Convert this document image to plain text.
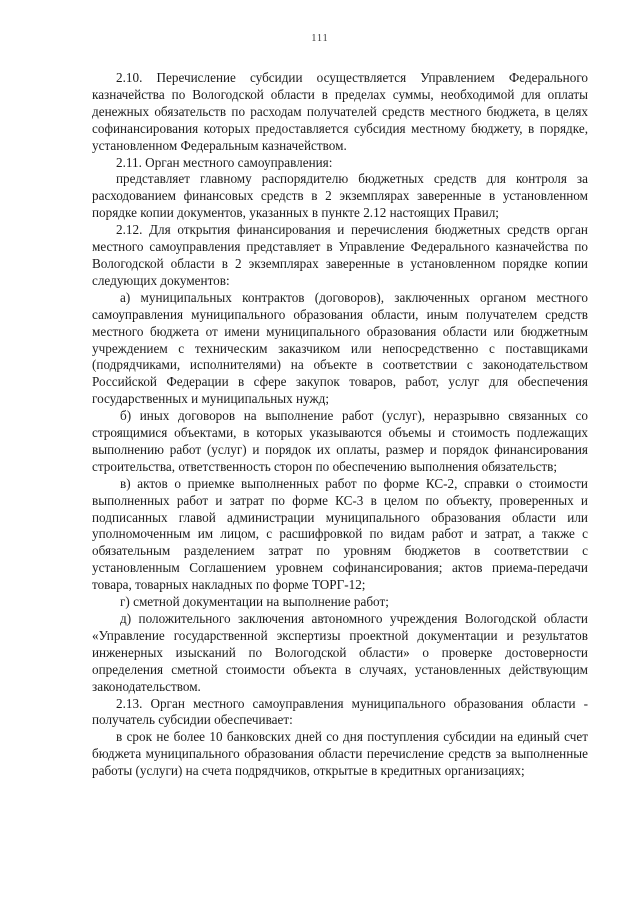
111

2.10. Перечисление субсидии осуществляется Управлением Федерального казначейства по Вологодской области в пределах суммы, необходимой для оплаты денежных обязательств по расходам получателей средств местного бюджета, в целях софинансирования которых предоставляется субсидия местному бюджету, в порядке, установленном Федеральным казначейством.

2.11. Орган местного самоуправления:

представляет главному распорядителю бюджетных средств для контроля за расходованием финансовых средств в 2 экземплярах заверенные в установленном порядке копии документов, указанных в пункте 2.12 настоящих Правил;

2.12. Для открытия финансирования и перечисления бюджетных средств орган местного самоуправления представляет в Управление Федерального казначейства по Вологодской области в 2 экземплярах заверенные в установленном порядке копии следующих документов:

а) муниципальных контрактов (договоров), заключенных органом местного самоуправления муниципального образования области, иным получателем средств местного бюджета от имени муниципального образования области или бюджетным учреждением с техническим заказчиком или непосредственно с поставщиками (подрядчиками, исполнителями) на объекте в соответствии с законодательством Российской Федерации в сфере закупок товаров, работ, услуг для обеспечения государственных и муниципальных нужд;

б) иных договоров на выполнение работ (услуг), неразрывно связанных со строящимися объектами, в которых указываются объемы и стоимость подлежащих выполнению работ (услуг) и порядок их оплаты, размер и порядок финансирования строительства, ответственность сторон по обеспечению выполнения обязательств;

в) актов о приемке выполненных работ по форме КС-2, справки о стоимости выполненных работ и затрат по форме КС-3 в целом по объекту, проверенных и подписанных главой администрации муниципального образования области или уполномоченным им лицом, с расшифровкой по видам работ и затрат, а также с обязательным разделением затрат по уровням бюджетов в соответствии с установленным Соглашением уровнем софинансирования; актов приема-передачи товара, товарных накладных по форме ТОРГ-12;

г) сметной документации на выполнение работ;

д) положительного заключения автономного учреждения Вологодской области «Управление государственной экспертизы проектной документации и результатов инженерных изысканий по Вологодской области» о проверке достоверности определения сметной стоимости объекта в случаях, установленных действующим законодательством.

2.13. Орган местного самоуправления муниципального образования области - получатель субсидии обеспечивает:

в срок не более 10 банковских дней со дня поступления субсидии на единый счет бюджета муниципального образования области перечисление средств за выполненные работы (услуги) на счета подрядчиков, открытые в кредитных организациях;
